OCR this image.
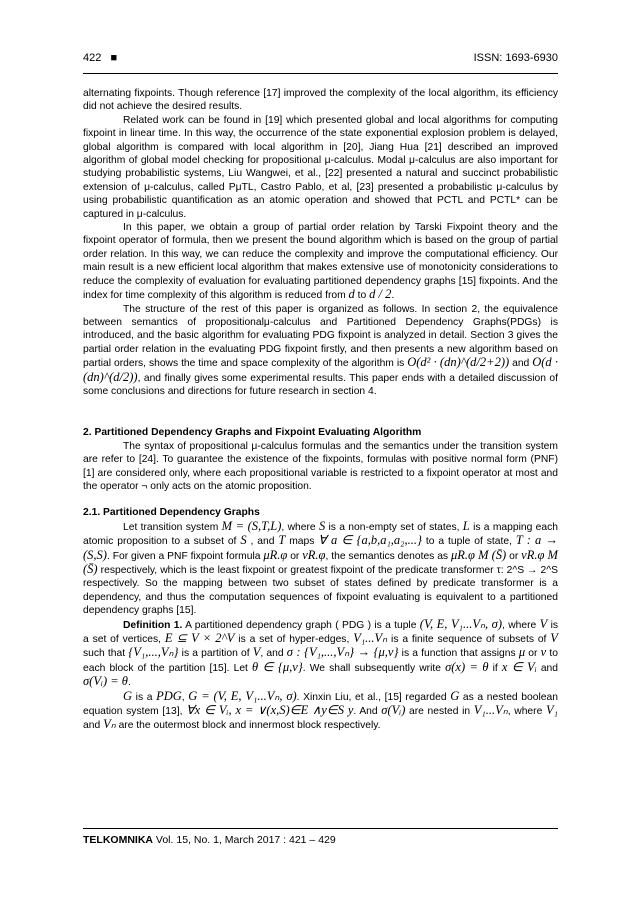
422 ■	ISSN: 1693-6930

alternating fixpoints. Though reference [17] improved the complexity of the local algorithm, its efficiency did not achieve the desired results.

Related work can be found in [19] which presented global and local algorithms for computing fixpoint in linear time. In this way, the occurrence of the state exponential explosion problem is delayed, global algorithm is compared with local algorithm in [20], Jiang Hua [21] described an improved algorithm of global model checking for propositional μ-calculus. Modal μ-calculus are also important for studying probabilistic systems, Liu Wangwei, et al., [22] presented a natural and succinct probabilistic extension of μ-calculus, called PμTL, Castro Pablo, et al, [23] presented a probabilistic μ-calculus by using probabilistic quantification as an atomic operation and showed that PCTL and PCTL* can be captured in μ-calculus.

In this paper, we obtain a group of partial order relation by Tarski Fixpoint theory and the fixpoint operator of formula, then we present the bound algorithm which is based on the group of partial order relation. In this way, we can reduce the complexity and improve the computational efficiency. Our main result is a new efficient local algorithm that makes extensive use of monotonicity considerations to reduce the complexity of evaluation for evaluating partitioned dependency graphs [15] fixpoints. And the index for time complexity of this algorithm is reduced from d to d / 2.

The structure of the rest of this paper is organized as follows. In section 2, the equivalence between semantics of propositionalμ-calculus and Partitioned Dependency Graphs(PDGs) is introduced, and the basic algorithm for evaluating PDG fixpoint is analyzed in detail. Section 3 gives the partial order relation in the evaluating PDG fixpoint firstly, and then presents a new algorithm based on partial orders, shows the time and space complexity of the algorithm is O(d² · (dn)^(d/2+2)) and O(d · (dn)^(d/2)), and finally gives some experimental results. This paper ends with a detailed discussion of some conclusions and directions for future research in section 4.

2. Partitioned Dependency Graphs and Fixpoint Evaluating Algorithm

The syntax of propositional μ-calculus formulas and the semantics under the transition system are refer to [24]. To guarantee the existence of the fixpoints, formulas with positive normal form (PNF) [1] are considered only, where each propositional variable is restricted to a fixpoint operator at most and the operator ¬ only acts on the atomic proposition.

2.1. Partitioned Dependency Graphs

Let transition system M = (S,T,L), where S is a non-empty set of states, L is a mapping each atomic proposition to a subset of S , and T maps ∀ a ∈ {a,b,a₁,a₂,...} to a tuple of state, T : a → (S,S). For given a PNF fixpoint formula μR.φ or νR.φ, the semantics denotes as μR.φ M (S̄) or νR.φ M (S̄) respectively, which is the least fixpoint or greatest fixpoint of the predicate transformer τ: 2^S → 2^S respectively. So the mapping between two subset of states defined by predicate transformer is a dependency, and thus the computation sequences of fixpoint evaluating is equivalent to a partitioned dependency graphs [15].

Definition 1. A partitioned dependency graph ( PDG ) is a tuple (V, E, V₁...Vₙ, σ), where V is a set of vertices, E ⊆ V × 2^V is a set of hyper-edges, V₁...Vₙ is a finite sequence of subsets of V such that {V₁,...,Vₙ} is a partition of V, and σ : {V₁,...,Vₙ} → {μ,ν} is a function that assigns μ or ν to each block of the partition [15]. Let θ ∈ {μ,ν}. We shall subsequently write σ(x) = θ if x ∈ Vᵢ and σ(Vᵢ) = θ.

G is a PDG, G = (V, E, V₁...Vₙ, σ). Xinxin Liu, et al., [15] regarded G as a nested boolean equation system [13], ∀x ∈ Vᵢ, x = ∨(x,S)∈E ∧y∈S y. And σ(Vᵢ) are nested in V₁...Vₙ, where V₁ and Vₙ are the outermost block and innermost block respectively.

TELKOMNIKA Vol. 15, No. 1, March 2017 : 421 – 429
